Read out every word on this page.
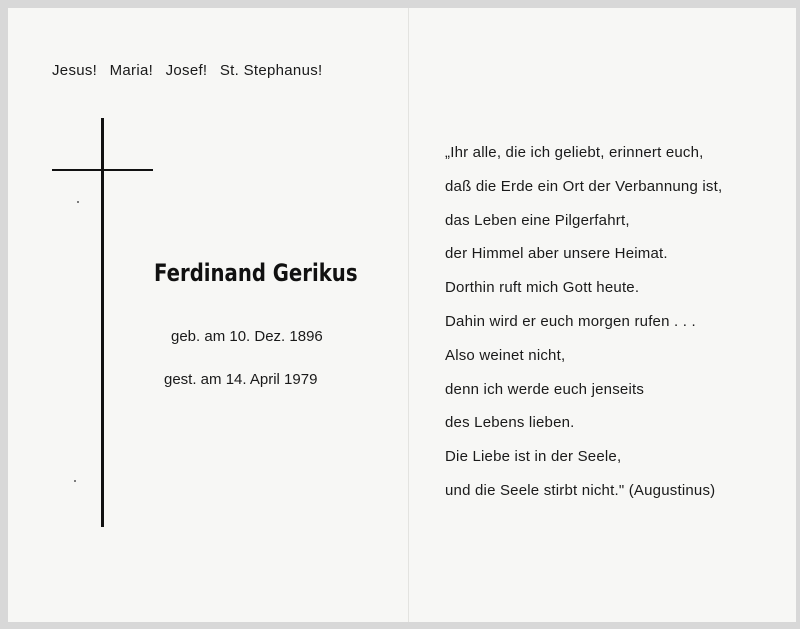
Jesus! Maria! Josef! St. Stephanus!
Ferdinand Gerikus
geb. am 10. Dez. 1896
gest. am 14. April 1979
„Ihr alle, die ich geliebt, erinnert euch,
daß die Erde ein Ort der Verbannung ist,
das Leben eine Pilgerfahrt,
der Himmel aber unsere Heimat.
Dorthin ruft mich Gott heute.
Dahin wird er euch morgen rufen . . .
Also weinet nicht,
denn ich werde euch jenseits
des Lebens lieben.
Die Liebe ist in der Seele,
und die Seele stirbt nicht." (Augustinus)
